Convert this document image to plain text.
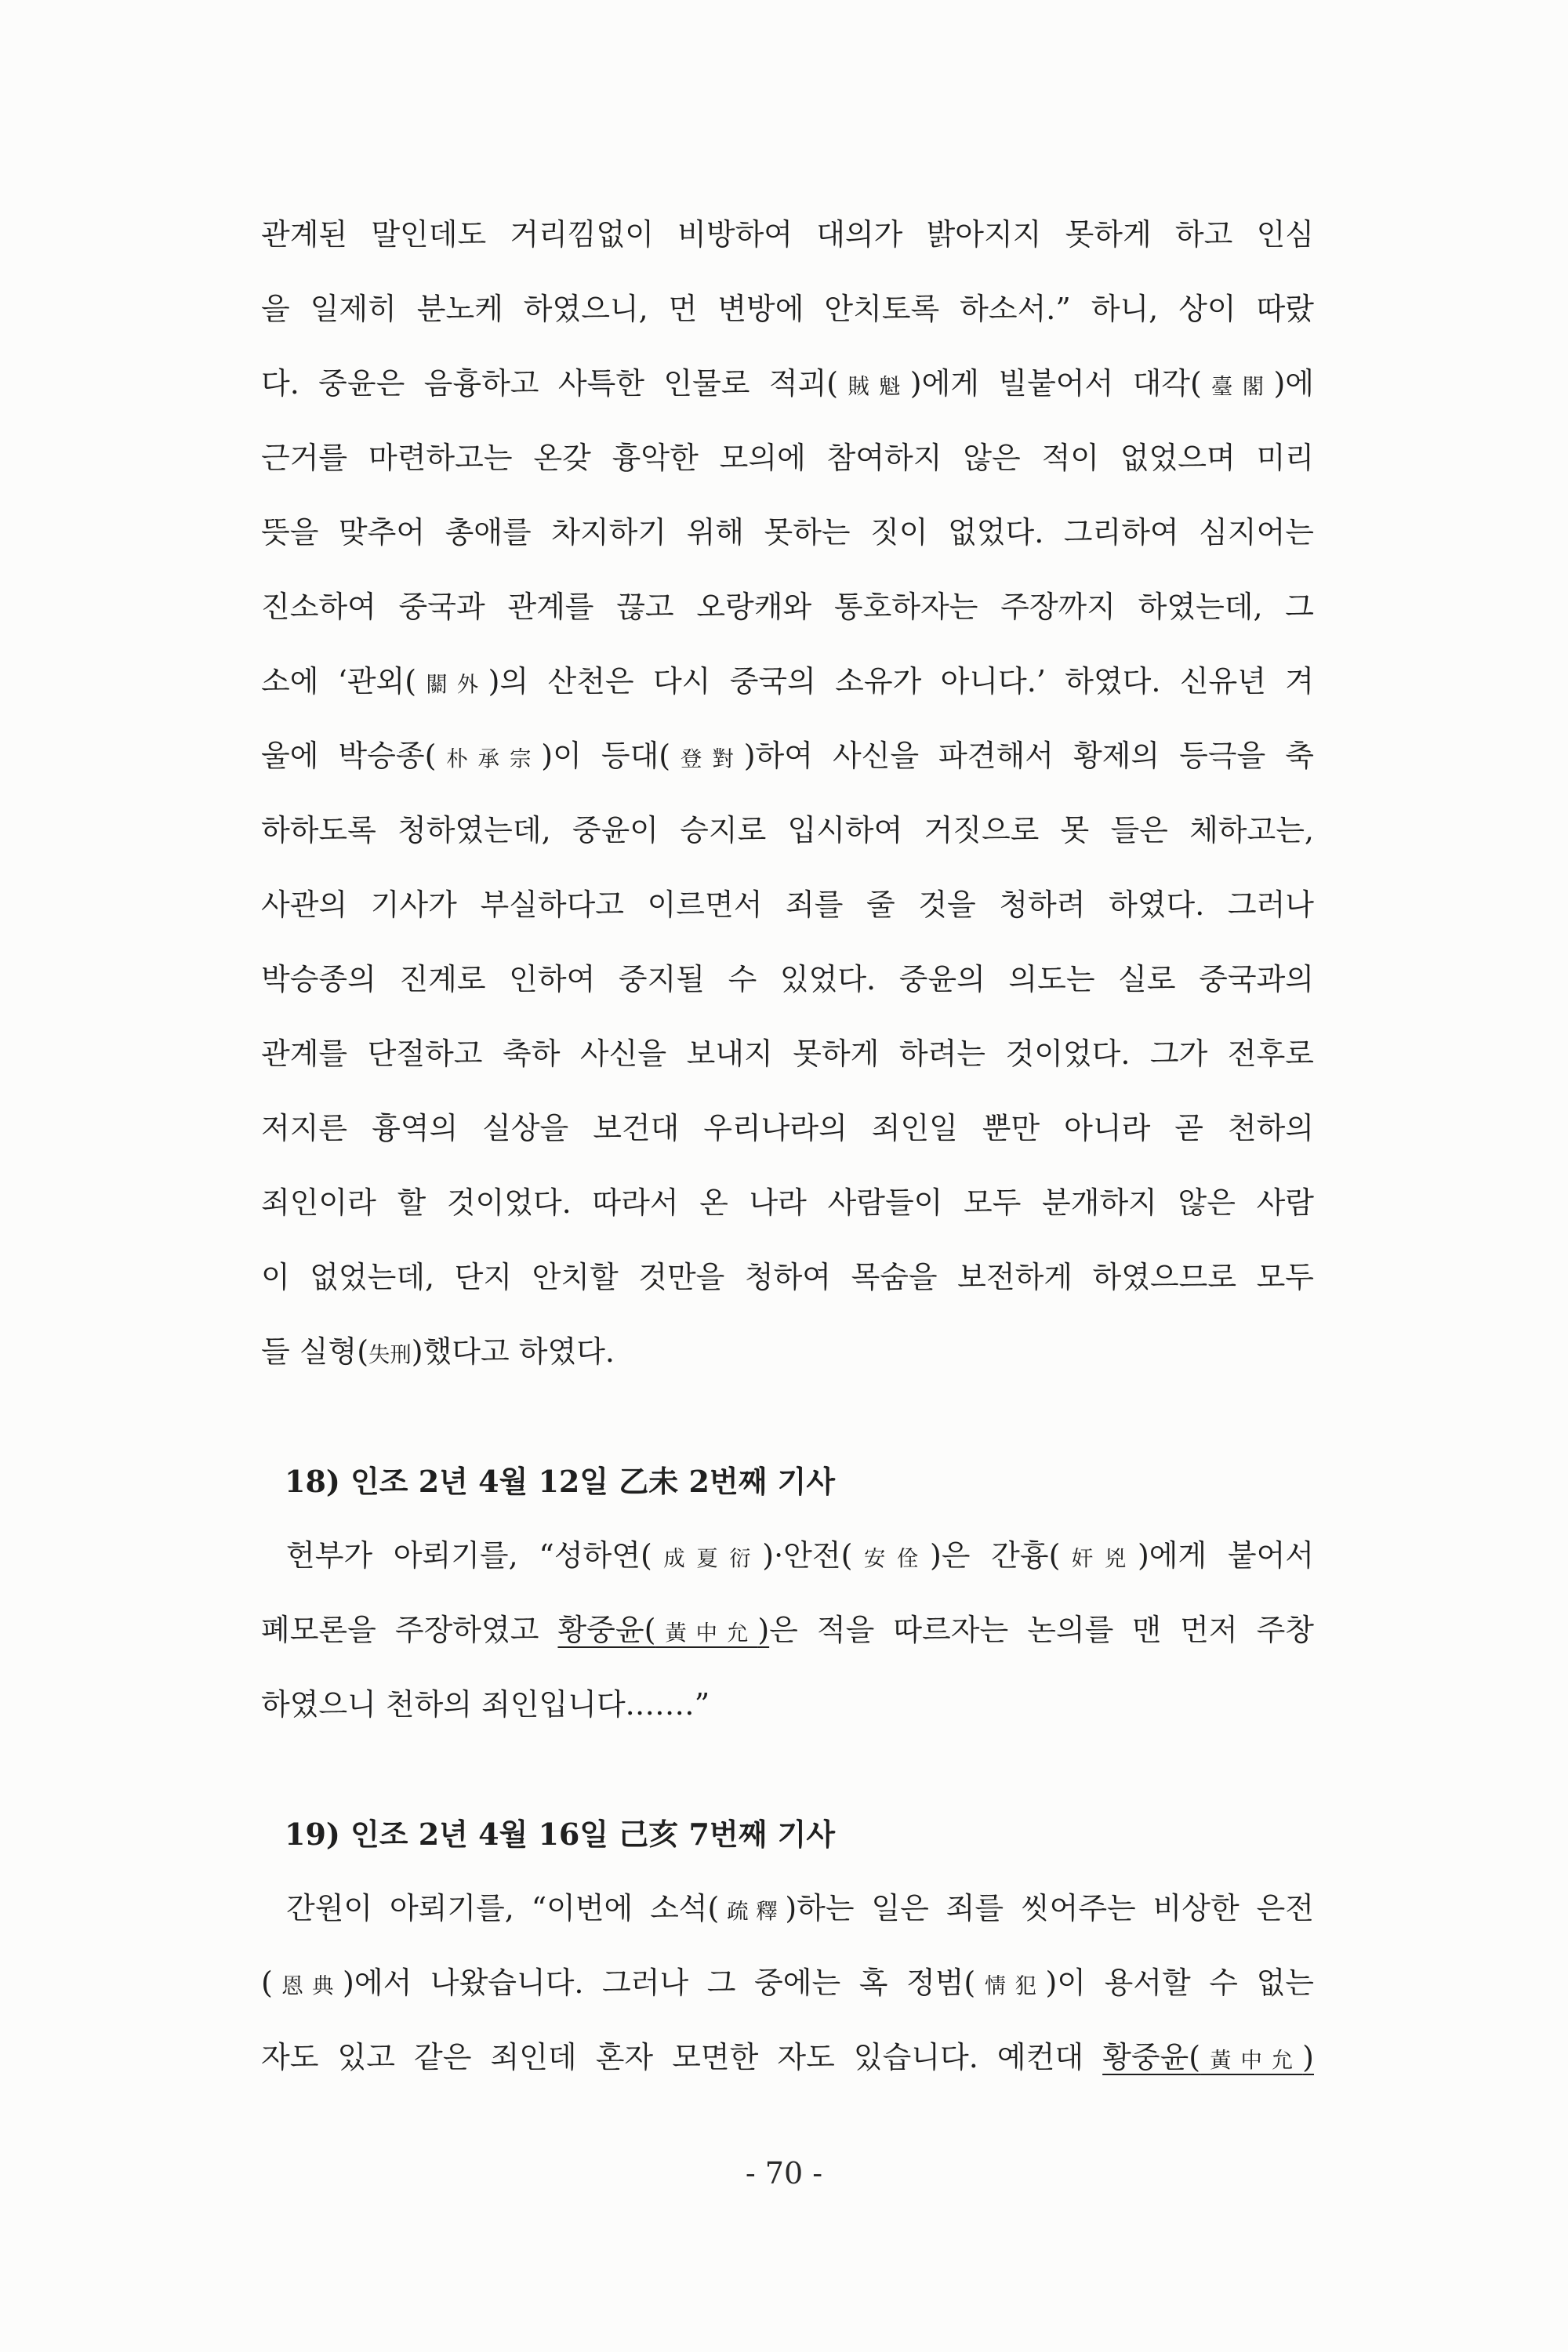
관계된 말인데도 거리낌없이 비방하여 대의가 밝아지지 못하게 하고 인심
을 일제히 분노케 하였으니, 먼 변방에 안치토록 하소서.” 하니, 상이 따랐
다. 중윤은 음흉하고 사특한 인물로 적괴(賊魁)에게 빌붙어서 대각(臺閣)에
근거를 마련하고는 온갖 흉악한 모의에 참여하지 않은 적이 없었으며 미리
뜻을 맞추어 총애를 차지하기 위해 못하는 짓이 없었다. 그리하여 심지어는
진소하여 중국과 관계를 끊고 오랑캐와 통호하자는 주장까지 하였는데, 그
소에 ‘관외(關外)의 산천은 다시 중국의 소유가 아니다.’ 하였다. 신유년 겨
울에 박승종(朴承宗)이 등대(登對)하여 사신을 파견해서 황제의 등극을 축
하하도록 청하였는데, 중윤이 승지로 입시하여 거짓으로 못 들은 체하고는,
사관의 기사가 부실하다고 이르면서 죄를 줄 것을 청하려 하였다. 그러나
박승종의 진계로 인하여 중지될 수 있었다. 중윤의 의도는 실로 중국과의
관계를 단절하고 축하 사신을 보내지 못하게 하려는 것이었다. 그가 전후로
저지른 흉역의 실상을 보건대 우리나라의 죄인일 뿐만 아니라 곧 천하의
죄인이라 할 것이었다. 따라서 온 나라 사람들이 모두 분개하지 않은 사람
이 없었는데, 단지 안치할 것만을 청하여 목숨을 보전하게 하였으므로 모두
들 실형(失刑)했다고 하였다.
18) 인조 2년 4월 12일 乙未 2번째 기사
헌부가 아뢰기를, “성하연(成夏衍)·안전(安佺)은 간흉(奸兇)에게 붙어서
폐모론을 주장하였고 황중윤(黃中允)은 적을 따르자는 논의를 맨 먼저 주창
하였으니 천하의 죄인입니다.……”
19) 인조 2년 4월 16일 己亥 7번째 기사
간원이 아뢰기를, “이번에 소석(疏釋)하는 일은 죄를 씻어주는 비상한 은전
(恩典)에서 나왔습니다. 그러나 그 중에는 혹 정범(情犯)이 용서할 수 없는
자도 있고 같은 죄인데 혼자 모면한 자도 있습니다. 예컨대 황중윤(黃中允)
- 70 -
